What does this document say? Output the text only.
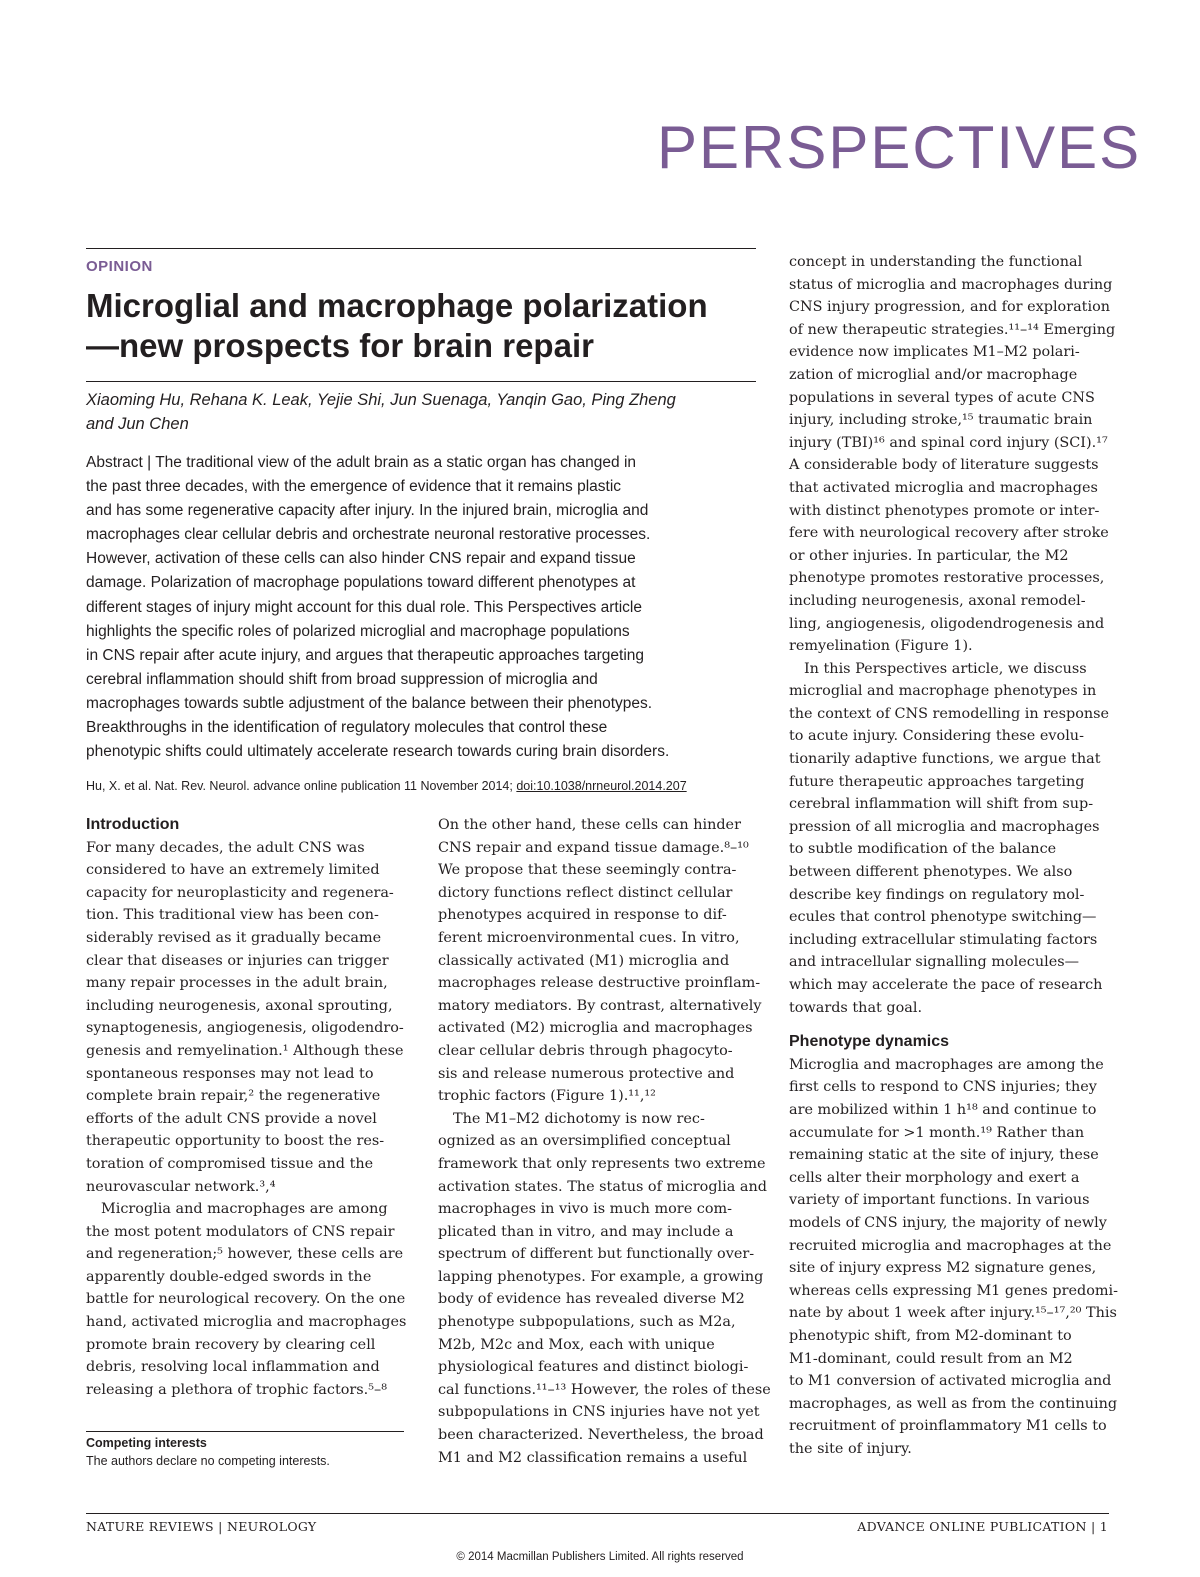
PERSPECTIVES
OPINION
Microglial and macrophage polarization
—new prospects for brain repair
Xiaoming Hu, Rehana K. Leak, Yejie Shi, Jun Suenaga, Yanqin Gao, Ping Zheng
and Jun Chen
Abstract | The traditional view of the adult brain as a static organ has changed in
the past three decades, with the emergence of evidence that it remains plastic
and has some regenerative capacity after injury. In the injured brain, microglia and
macrophages clear cellular debris and orchestrate neuronal restorative processes.
However, activation of these cells can also hinder CNS repair and expand tissue
damage. Polarization of macrophage populations toward different phenotypes at
different stages of injury might account for this dual role. This Perspectives article
highlights the specific roles of polarized microglial and macrophage populations
in CNS repair after acute injury, and argues that therapeutic approaches targeting
cerebral inflammation should shift from broad suppression of microglia and
macrophages towards subtle adjustment of the balance between their phenotypes.
Breakthroughs in the identification of regulatory molecules that control these
phenotypic shifts could ultimately accelerate research towards curing brain disorders.
Hu, X. et al. Nat. Rev. Neurol. advance online publication 11 November 2014; doi:10.1038/nrneurol.2014.207
Introduction
For many decades, the adult CNS was
considered to have an extremely limited
capacity for neuroplasticity and regenera-
tion. This traditional view has been con-
siderably revised as it gradually became
clear that diseases or injuries can trigger
many repair processes in the adult brain,
including neurogenesis, axonal sprouting,
synaptogenesis, angiogenesis, oligodendro-
genesis and remyelination.¹ Although these
spontaneous responses may not lead to
complete brain repair,² the regenerative
efforts of the adult CNS provide a novel
therapeutic opportunity to boost the res-
toration of compromised tissue and the
neurovascular network.³,⁴
Microglia and macrophages are among
the most potent modulators of CNS repair
and regeneration;⁵ however, these cells are
apparently double-edged swords in the
battle for neurological recovery. On the one
hand, activated microglia and macrophages
promote brain recovery by clearing cell
debris, resolving local inflammation and
releasing a plethora of trophic factors.⁵–⁸
On the other hand, these cells can hinder
CNS repair and expand tissue damage.⁸–¹⁰
We propose that these seemingly contra-
dictory functions reflect distinct cellular
phenotypes acquired in response to dif-
ferent microenvironmental cues. In vitro,
classically activated (M1) microglia and
macrophages release destructive proinflam-
matory mediators. By contrast, alternatively
activated (M2) microglia and macrophages
clear cellular debris through phagocyto-
sis and release numerous protective and
trophic factors (Figure 1).¹¹,¹²
The M1–M2 dichotomy is now rec-
ognized as an oversimplified conceptual
framework that only represents two extreme
activation states. The status of microglia and
macrophages in vivo is much more com-
plicated than in vitro, and may include a
spectrum of different but functionally over-
lapping phenotypes. For example, a growing
body of evidence has revealed diverse M2
phenotype subpopulations, such as M2a,
M2b, M2c and Mox, each with unique
physiological features and distinct biologi-
cal functions.¹¹–¹³ However, the roles of these
subpopulations in CNS injuries have not yet
been characterized. Nevertheless, the broad
M1 and M2 classification remains a useful
concept in understanding the functional
status of microglia and macrophages during
CNS injury progression, and for exploration
of new therapeutic strategies.¹¹–¹⁴ Emerging
evidence now implicates M1–M2 polari-
zation of microglial and/or macrophage
populations in several types of acute CNS
injury, including stroke,¹⁵ traumatic brain
injury (TBI)¹⁶ and spinal cord injury (SCI).¹⁷
A considerable body of literature suggests
that activated microglia and macrophages
with distinct phenotypes promote or inter-
fere with neurological recovery after stroke
or other injuries. In particular, the M2
phenotype promotes restorative processes,
including neurogenesis, axonal remodel-
ling, angiogenesis, oligodendrogenesis and
remyelination (Figure 1).
In this Perspectives article, we discuss
microglial and macrophage phenotypes in
the context of CNS remodelling in response
to acute injury. Considering these evolu-
tionarily adaptive functions, we argue that
future therapeutic approaches targeting
cerebral inflammation will shift from sup-
pression of all microglia and macrophages
to subtle modification of the balance
between different phenotypes. We also
describe key findings on regulatory mol-
ecules that control phenotype switching—
including extracellular stimulating factors
and intracellular signalling molecules—
which may accelerate the pace of research
towards that goal.
Phenotype dynamics
Microglia and macrophages are among the
first cells to respond to CNS injuries; they
are mobilized within 1 h¹⁸ and continue to
accumulate for >1 month.¹⁹ Rather than
remaining static at the site of injury, these
cells alter their morphology and exert a
variety of important functions. In various
models of CNS injury, the majority of newly
recruited microglia and macrophages at the
site of injury express M2 signature genes,
whereas cells expressing M1 genes predomi-
nate by about 1 week after injury.¹⁵–¹⁷,²⁰ This
phenotypic shift, from M2-dominant to
M1-dominant, could result from an M2
to M1 conversion of activated microglia and
macrophages, as well as from the continuing
recruitment of proinflammatory M1 cells to
the site of injury.
Competing interests
The authors declare no competing interests.
NATURE REVIEWS | NEUROLOGY	ADVANCE ONLINE PUBLICATION | 1
© 2014 Macmillan Publishers Limited. All rights reserved
